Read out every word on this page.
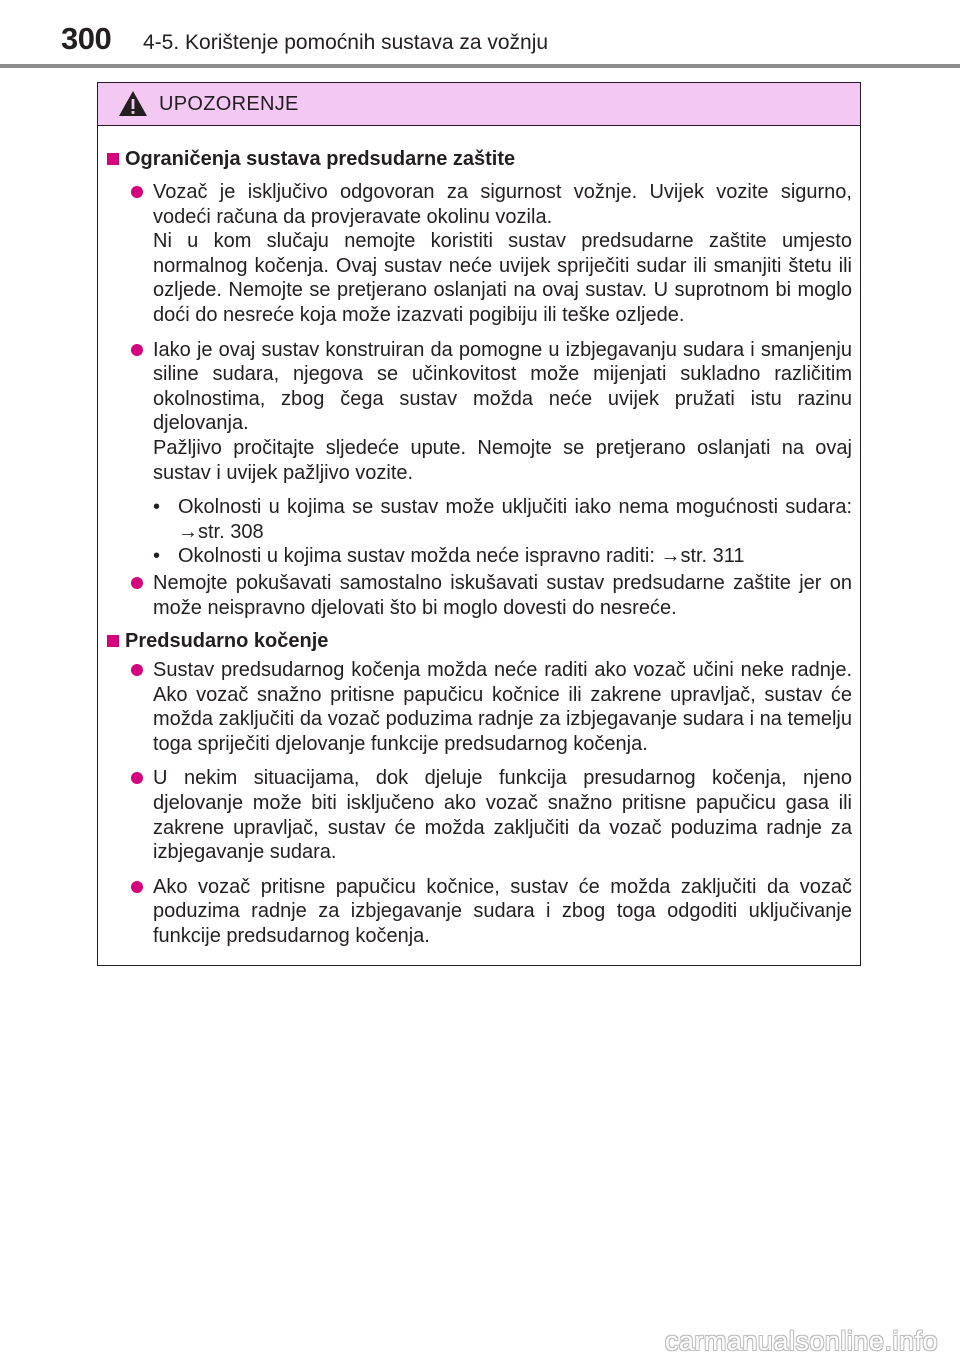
300 4-5. Korištenje pomoćnih sustava za vožnju
UPOZORENJE
Ograničenja sustava predsudarne zaštite

Vozač je isključivo odgovoran za sigurnost vožnje. Uvijek vozite sigurno, vodeći računa da provjeravate okolinu vozila.

Ni u kom slučaju nemojte koristiti sustav predsudarne zaštite umjesto normalnog kočenja. Ovaj sustav neće uvijek spriječiti sudar ili smanjiti štetu ili ozljede. Nemojte se pretjerano oslanjati na ovaj sustav. U suprotnom bi moglo doći do nesreće koja može izazvati pogibiju ili teške ozljede.

Iako je ovaj sustav konstruiran da pomogne u izbjegavanju sudara i smanjenju siline sudara, njegova se učinkovitost može mijenjati sukladno različitim okolnostima, zbog čega sustav možda neće uvijek pružati istu razinu djelovanja.

Pažljivo pročitajte sljedeće upute. Nemojte se pretjerano oslanjati na ovaj sustav i uvijek pažljivo vozite.

• Okolnosti u kojima se sustav može uključiti iako nema mogućnosti sudara: →str. 308
• Okolnosti u kojima sustav možda neće ispravno raditi: →str. 311

Nemojte pokušavati samostalno iskušavati sustav predsudarne zaštite jer on može neispravno djelovati što bi moglo dovesti do nesreće.

Predsudarno kočenje

Sustav predsudarnog kočenja možda neće raditi ako vozač učini neke radnje. Ako vozač snažno pritisne papučicu kočnice ili zakrene upravljač, sustav će možda zaključiti da vozač poduzima radnje za izbjegavanje sudara i na temelju toga spriječiti djelovanje funkcije predsudarnog kočenja.

U nekim situacijama, dok djeluje funkcija presudarnog kočenja, njeno djelovanje može biti isključeno ako vozač snažno pritisne papučicu gasa ili zakrene upravljač, sustav će možda zaključiti da vozač poduzima radnje za izbjegavanje sudara.

Ako vozač pritisne papučicu kočnice, sustav će možda zaključiti da vozač poduzima radnje za izbjegavanje sudara i zbog toga odgoditi uključivanje funkcije predsudarnog kočenja.

carmanualsonline.info
